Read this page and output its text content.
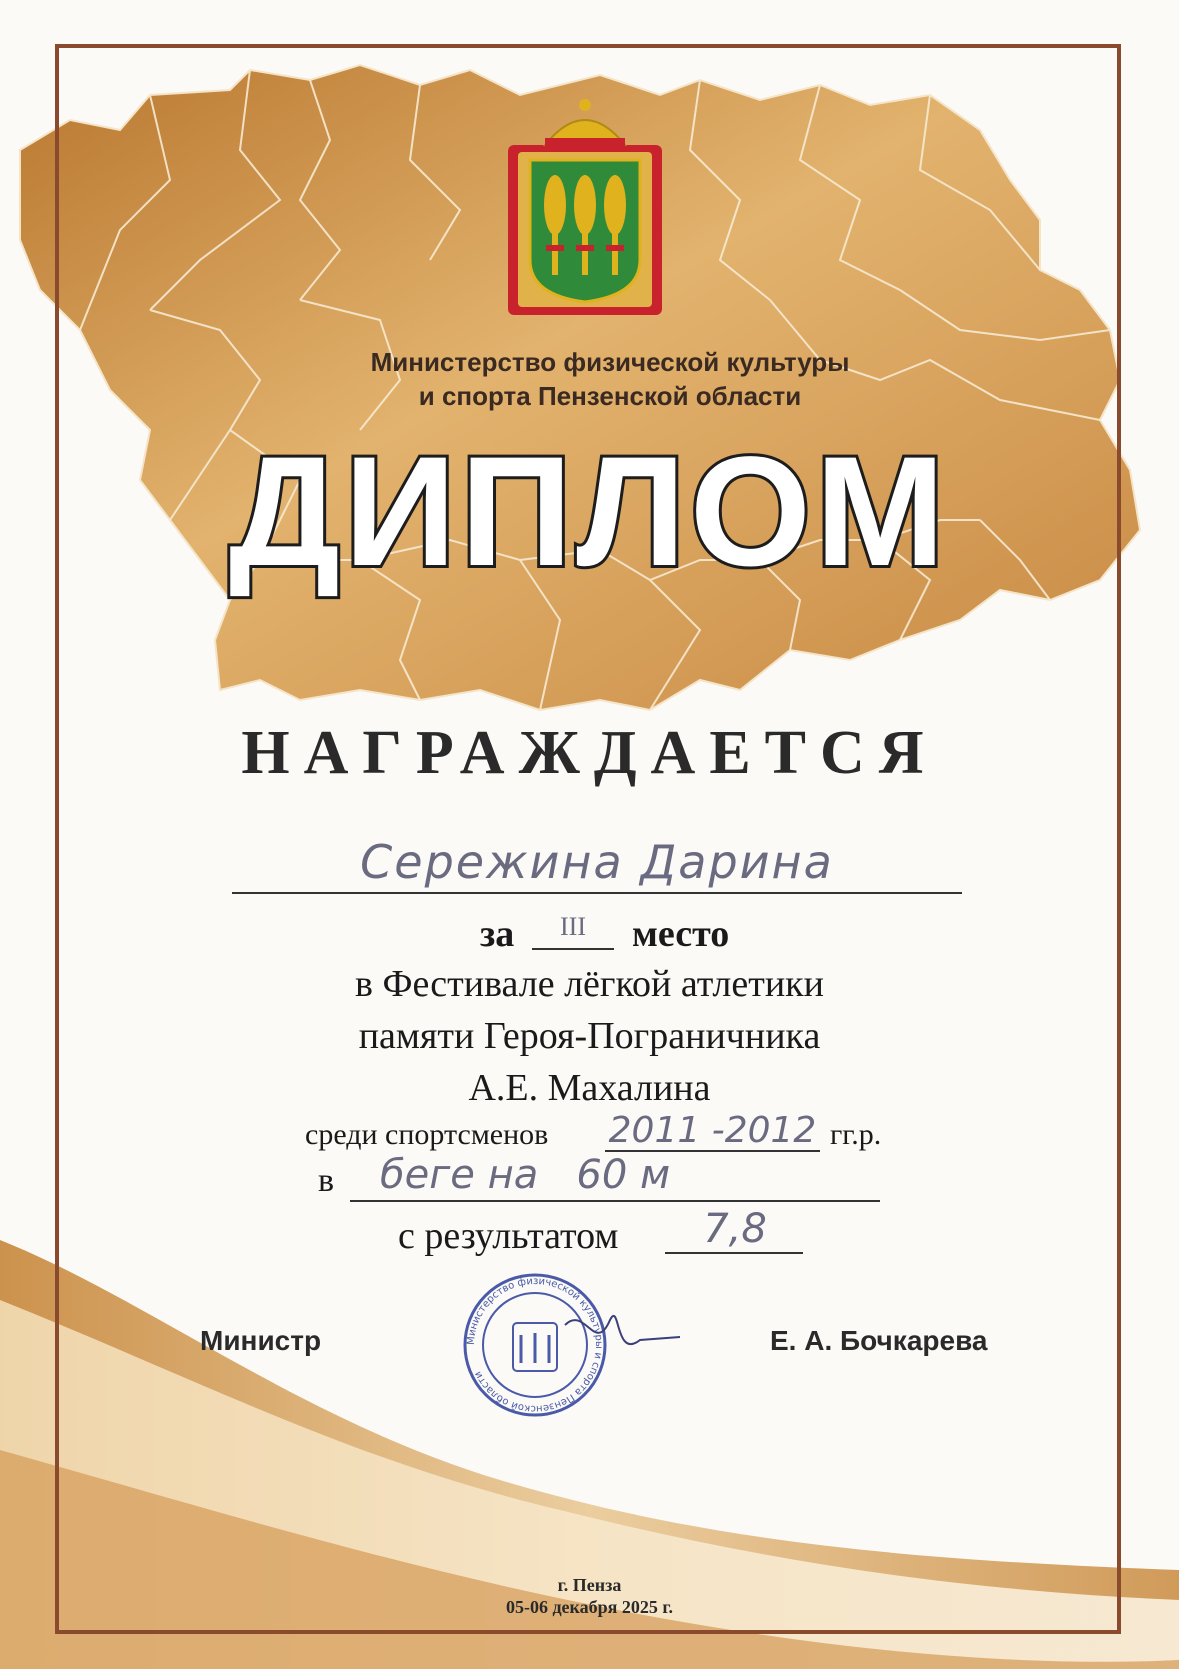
Министерство физической культуры
и спорта Пензенской области
ДИПЛОМ
НАГРАЖДАЕТСЯ
Сережина Дарина
за	III	место
в Фестивале лёгкой атлетики
памяти Героя-Пограничника
А.Е. Махалина
среди спортсменов 2011 -2012 гг.р.
в беге на   60 м
с результатом	7,8
Министр	Министерство физической культуры и спорта Пензенской области
Е. А. Бочкарева
г. Пенза
05-06 декабря 2025 г.
